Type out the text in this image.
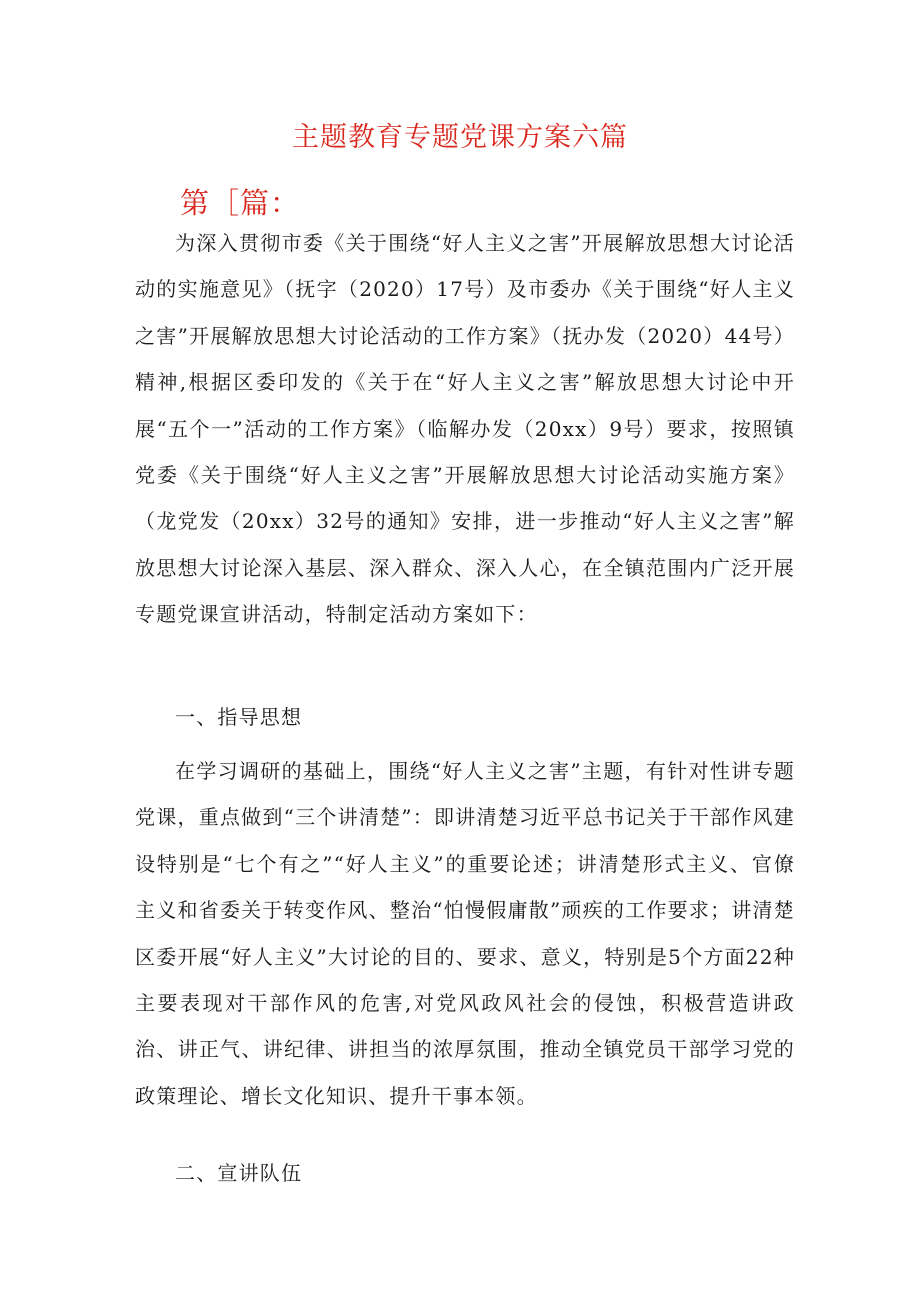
主题教育专题党课方案六篇
第［篇：

为深入贯彻市委《关于围绕“好人主义之害”开展解放思想大讨论活动的实施意见》（抚字（2020）17号）及市委办《关于围绕“好人主义之害”开展解放思想大讨论活动的工作方案》（抚办发（2020）44号）精神,根据区委印发的《关于在“好人主义之害”解放思想大讨论中开展“五个一”活动的工作方案》（临解办发（20xx）9号）要求，按照镇党委《关于围绕“好人主义之害”开展解放思想大讨论活动实施方案》（龙党发（20xx）32号的通知》安排，进一步推动“好人主义之害”解放思想大讨论深入基层、深入群众、深入人心，在全镇范围内广泛开展专题党课宣讲活动，特制定活动方案如下：

一、指导思想

在学习调研的基础上，围绕“好人主义之害”主题，有针对性讲专题党课，重点做到“三个讲清楚”：即讲清楚习近平总书记关于干部作风建设特别是“七个有之”“好人主义”的重要论述；讲清楚形式主义、官僚主义和省委关于转变作风、整治“怕慢假庸散”顽疾的工作要求；讲清楚区委开展“好人主义”大讨论的目的、要求、意义，特别是5个方面22种主要表现对干部作风的危害,对党风政风社会的侵蚀，积极营造讲政治、讲正气、讲纪律、讲担当的浓厚氛围，推动全镇党员干部学习党的政策理论、增长文化知识、提升干事本领。

二、宣讲队伍
